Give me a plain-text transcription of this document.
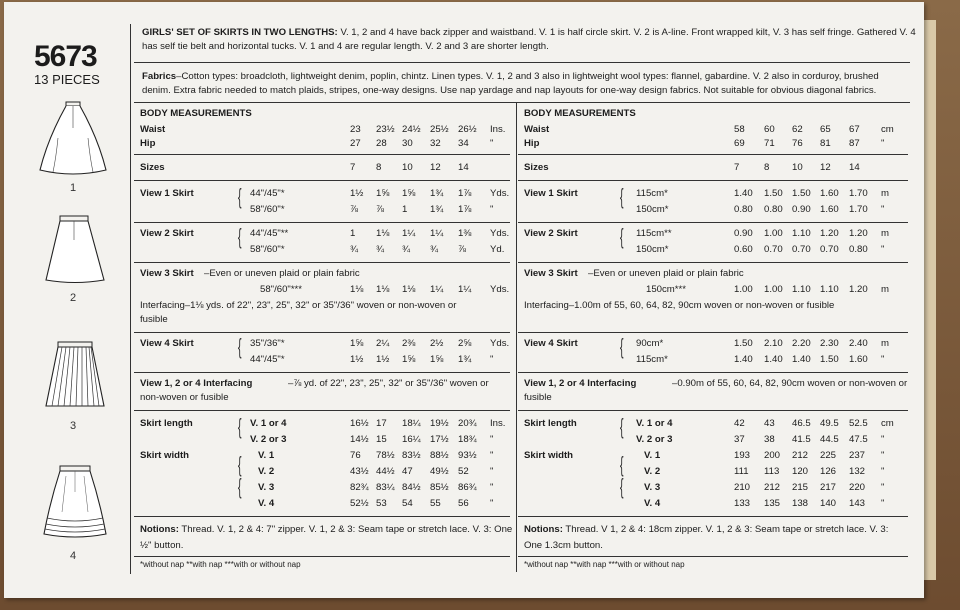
5673
13 PIECES
1
2
3
4
GIRLS' SET OF SKIRTS IN TWO LENGTHS: V. 1, 2 and 4 have back zipper and waistband. V. 1 is half circle skirt. V. 2 is A-line. Front wrapped kilt, V. 3 has self fringe. Gathered V. 4
has self tie belt and horizontal tucks. V. 1 and 4 are regular length. V. 2 and 3 are shorter length.
Fabrics–Cotton types: broadcloth, lightweight denim, poplin, chintz. Linen types. V. 1, 2 and 3 also in lightweight wool types: flannel, gabardine. V. 2 also in corduroy, brushed
denim. Extra fabric needed to match plaids, stripes, one-way designs. Use nap yardage and nap layouts for one-way design fabrics. Not suitable for obvious diagonal fabrics.
BODY MEASUREMENTS
Waist	23 23½ 24½ 25½ 26½ Ins.
Hip	27 28 30 32 34 "
Sizes	7 8 10 12 14
View 1 Skirt { 44"/45"*	1½ 1⅝ 1⅝ 1¾ 1⅞ Yds.
58"/60"*	⅞ ⅞ 1 1¾ 1⅞ "
View 2 Skirt { 44"/45"**	1 1⅛ 1¼ 1¼ 1⅜ Yds.
58"/60"*	¾ ¾ ¾ ¾ ⅞ Yd.
View 3 Skirt –Even or uneven plaid or plain fabric
58"/60"***	1⅛ 1⅛ 1⅛ 1¼ 1¼ Yds.
Interfacing–1⅛ yds. of 22", 23", 25", 32" or 35"/36" woven or non-woven or
fusible
View 4 Skirt { 35"/36"*	1⅝ 2¼ 2⅜ 2½ 2⅝ Yds.
44"/45"*	1½ 1½ 1⅝ 1⅝ 1¾ "
View 1, 2 or 4 Interfacing	–⅞ yd. of 22", 23", 25", 32" or 35"/36" woven or
non-woven or fusible
Skirt length { V. 1 or 4	16½ 17 18¼ 19½ 20¾ Ins.
V. 2 or 3	14½ 15 16¼ 17½ 18¾ "
Skirt width	V. 1	76 78½ 83½ 88½ 93½ "
V. 2	43½ 44½ 47 49½ 52 "
V. 3	82¾ 83¼ 84½ 85½ 86¾ "
V. 4	52½ 53 54 55 56 "
{
{
Notions: Thread. V. 1, 2 & 4: 7" zipper. V. 1, 2 & 3: Seam tape or stretch lace. V. 3: One
½" button.
*without nap **with nap ***with or without nap
BODY MEASUREMENTS
Waist	58 60 62 65 67 cm
Hip	69 71 76 81 87 "
Sizes	7	8 10 12 14
View 1 Skirt { 115cm*	1.40 1.50 1.50 1.60 1.70 m
150cm*	0.80 0.80 0.90 1.60 1.70 "
View 2 Skirt { 115cm**	0.90 1.00 1.10 1.20 1.20 m
150cm*	0.60 0.70 0.70 0.70 0.80 "
View 3 Skirt –Even or uneven plaid or plain fabric
150cm***	1.00 1.00 1.10 1.10 1.20 m
Interfacing–1.00m of 55, 60, 64, 82, 90cm woven or non-woven or fusible
View 4 Skirt { 90cm*	1.50 2.10 2.20 2.30 2.40 m
115cm*	1.40 1.40 1.40 1.50 1.60 "
View 1, 2 or 4 Interfacing	–0.90m of 55, 60, 64, 82, 90cm woven or non-woven or
fusible
Skirt length { V. 1 or 4	42 43 46.5 49.5 52.5 cm
V. 2 or 3	37 38 41.5 44.5 47.5 "
Skirt width	V. 1	193 200 212 225 237 "
V. 2	111 113 120 126 132 "
V. 3	210 212 215 217 220 "
V. 4	133 135 138 140 143 "
{
{
Notions: Thread. V 1, 2 & 4: 18cm zipper. V. 1, 2 & 3: Seam tape or stretch lace. V. 3:
One 1.3cm button.
*without nap **with nap ***with or without nap
